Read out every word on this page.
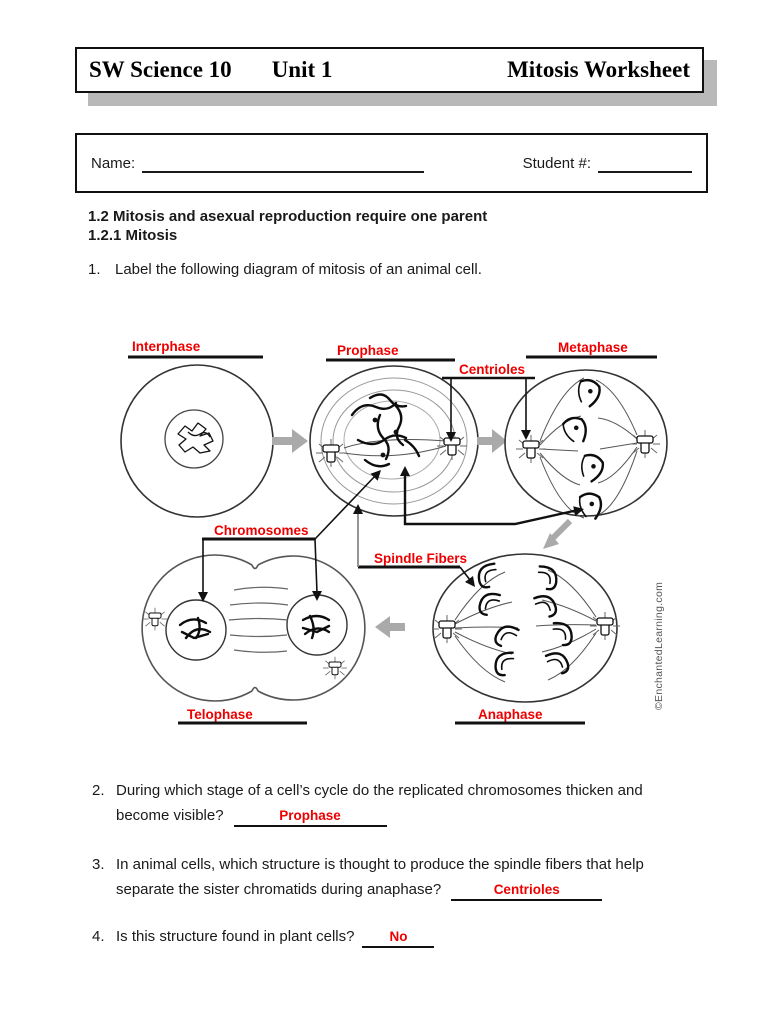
SW Science 10 Unit 1	Mitosis Worksheet
Name:	Student #:
1.2 Mitosis and asexual reproduction require one parent
1.2.1 Mitosis
1. Label the following diagram of mitosis of an animal cell.
Interphase	Prophase	Metaphase
Centrioles
Anaphase
Telophase
Chromosomes
Spindle Fibers
©EnchantedLearning.com
2. During which stage of a cell’s cycle do the replicated chromosomes thicken and
become visible?	Prophase
3. In animal cells, which structure is thought to produce the spindle fibers that help
separate the sister chromatids during anaphase?	Centrioles
4. Is this structure found in plant cells?	No
